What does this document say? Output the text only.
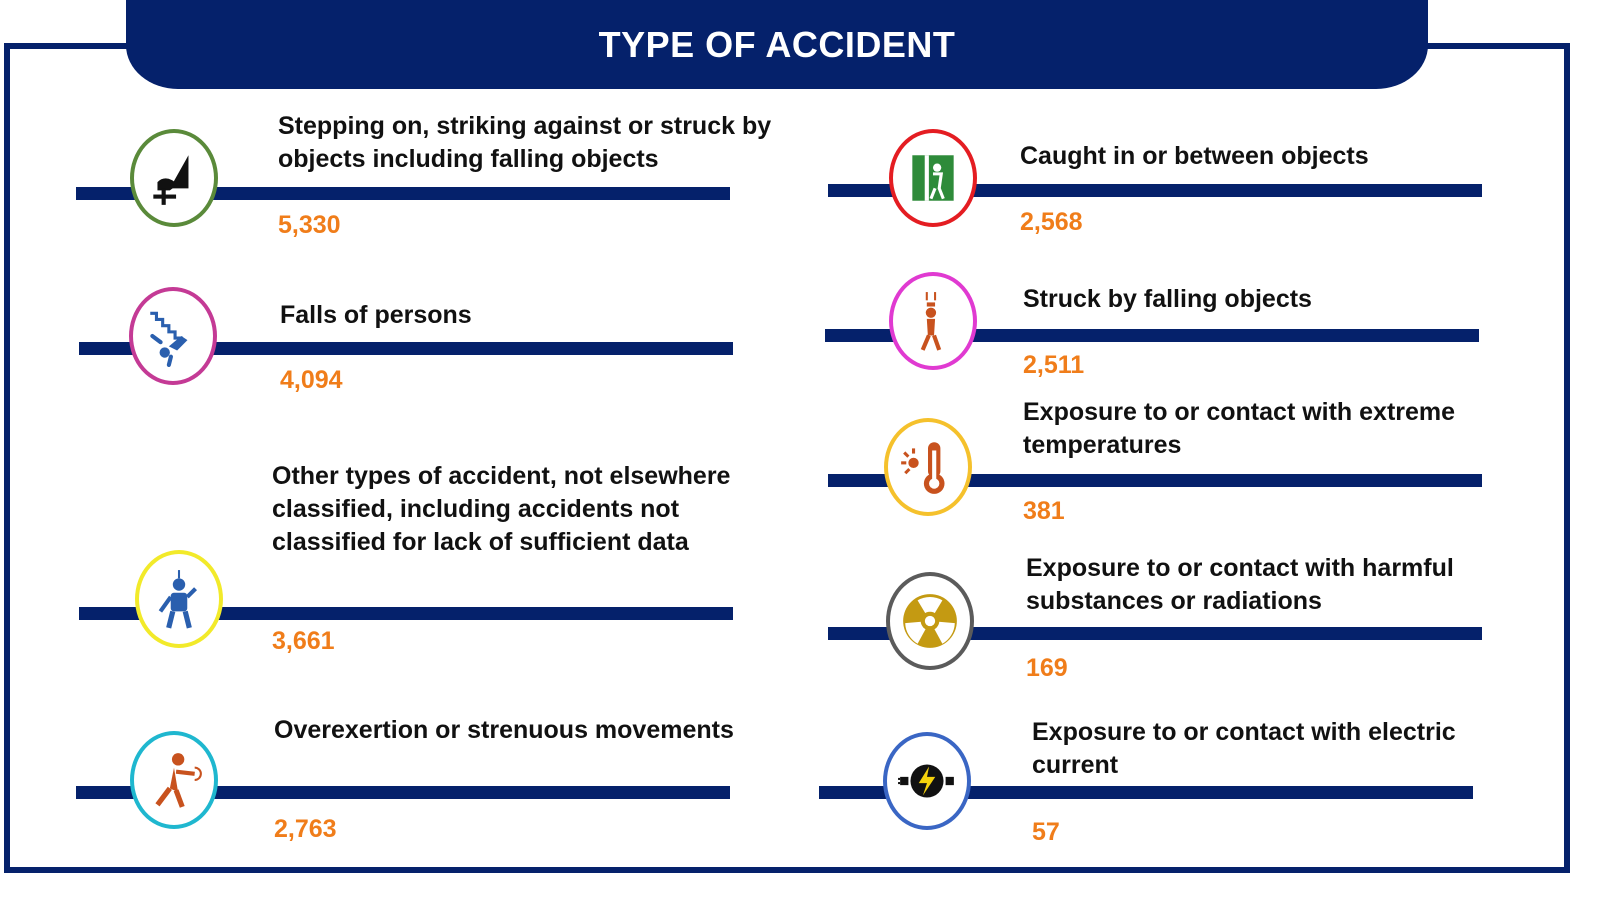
TYPE OF ACCIDENT
Stepping on, striking against or struck by objects including falling objects
5,330
Falls of persons
4,094
Other types of accident, not elsewhere classified, including accidents not classified for lack of sufficient data
3,661
Overexertion or strenuous movements
2,763
Caught in or between objects
2,568
Struck by falling objects
2,511
Exposure to or contact with extreme temperatures
381
Exposure to or contact with harmful substances or radiations
169
Exposure to or contact with electric current
57
